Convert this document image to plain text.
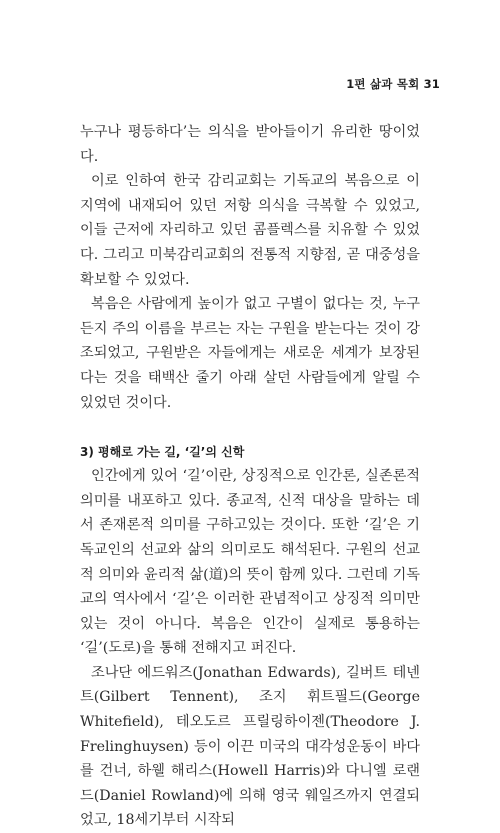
1편 삶과 목회 31

누구나 평등하다’는 의식을 받아들이기 유리한 땅이었다.

이로 인하여 한국 감리교회는 기독교의 복음으로 이 지역에 내재되어 있던 저항 의식을 극복할 수 있었고, 이들 근저에 자리하고 있던 콤플렉스를 치유할 수 있었다. 그리고 미북감리교회의 전통적 지향점, 곧 대중성을 확보할 수 있었다.

복음은 사람에게 높이가 없고 구별이 없다는 것, 누구든지 주의 이름을 부르는 자는 구원을 받는다는 것이 강조되었고, 구원받은 자들에게는 새로운 세계가 보장된다는 것을 태백산 줄기 아래 살던 사람들에게 알릴 수 있었던 것이다.

3) 평해로 가는 길, ‘길’의 신학

인간에게 있어 ‘길’이란, 상징적으로 인간론, 실존론적 의미를 내포하고 있다. 종교적, 신적 대상을 말하는 데서 존재론적 의미를 구하고있는 것이다. 또한 ‘길’은 기독교인의 선교와 삶의 의미로도 해석된다. 구원의 선교적 의미와 윤리적 삶(道)의 뜻이 함께 있다. 그런데 기독교의 역사에서 ‘길’은 이러한 관념적이고 상징적 의미만 있는 것이 아니다. 복음은 인간이 실제로 통용하는 ‘길’(도로)을 통해 전해지고 퍼진다.

조나단 에드워즈(Jonathan Edwards), 길버트 테넨트(Gilbert Tennent), 조지 휘트필드(George Whitefield), 테오도르 프릴링하이젠(Theodore J. Frelinghuysen) 등이 이끈 미국의 대각성운동이 바다를 건너, 하웰 해리스(Howell Harris)와 다니엘 로랜드(Daniel Rowland)에 의해 영국 웨일즈까지 연결되었고, 18세기부터 시작되
